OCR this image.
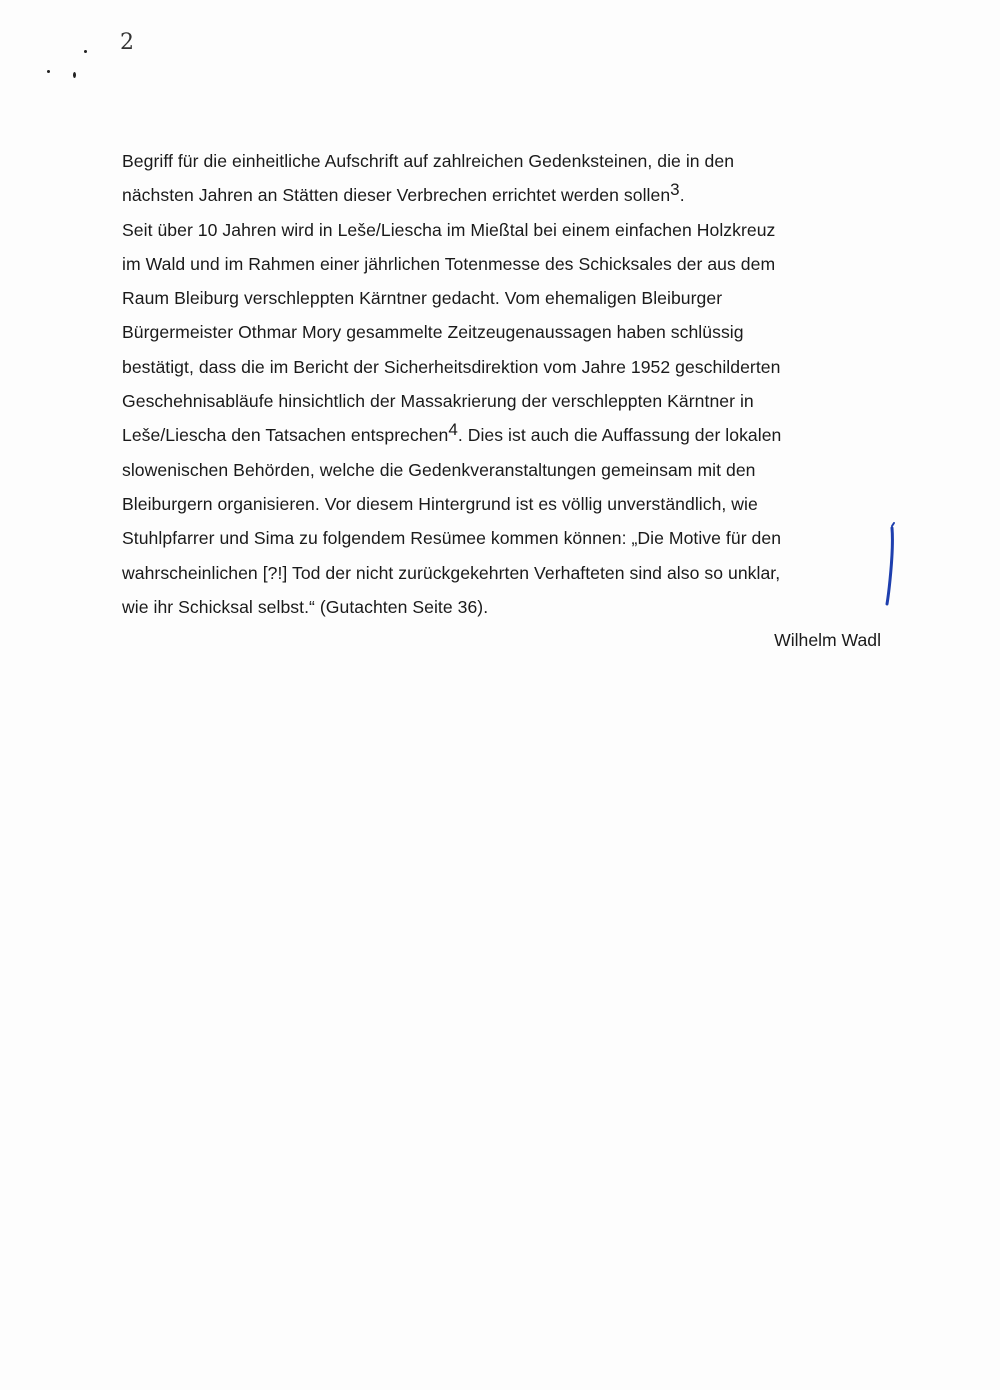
2
Begriff für die einheitliche Aufschrift auf zahlreichen Gedenksteinen, die in den
nächsten Jahren an Stätten dieser Verbrechen errichtet werden sollen$^3$.
Seit über 10 Jahren wird in Leše/Liescha im Mießtal bei einem einfachen Holzkreuz
im Wald und im Rahmen einer jährlichen Totenmesse des Schicksales der aus dem
Raum Bleiburg verschleppten Kärntner gedacht. Vom ehemaligen Bleiburger
Bürgermeister Othmar Mory gesammelte Zeitzeugenaussagen haben schlüssig
bestätigt, dass die im Bericht der Sicherheitsdirektion vom Jahre 1952 geschilderten
Geschehnisabläufe hinsichtlich der Massakrierung der verschleppten Kärntner in
Leše/Liescha den Tatsachen entsprechen$^4$. Dies ist auch die Auffassung der lokalen
slowenischen Behörden, welche die Gedenkveranstaltungen gemeinsam mit den
Bleiburgern organisieren. Vor diesem Hintergrund ist es völlig unverständlich, wie
Stuhlpfarrer und Sima zu folgendem Resümee kommen können: „Die Motive für den
wahrscheinlichen [?!] Tod der nicht zurückgekehrten Verhafteten sind also so unklar,
wie ihr Schicksal selbst.“ (Gutachten Seite 36).
Wilhelm Wadl
